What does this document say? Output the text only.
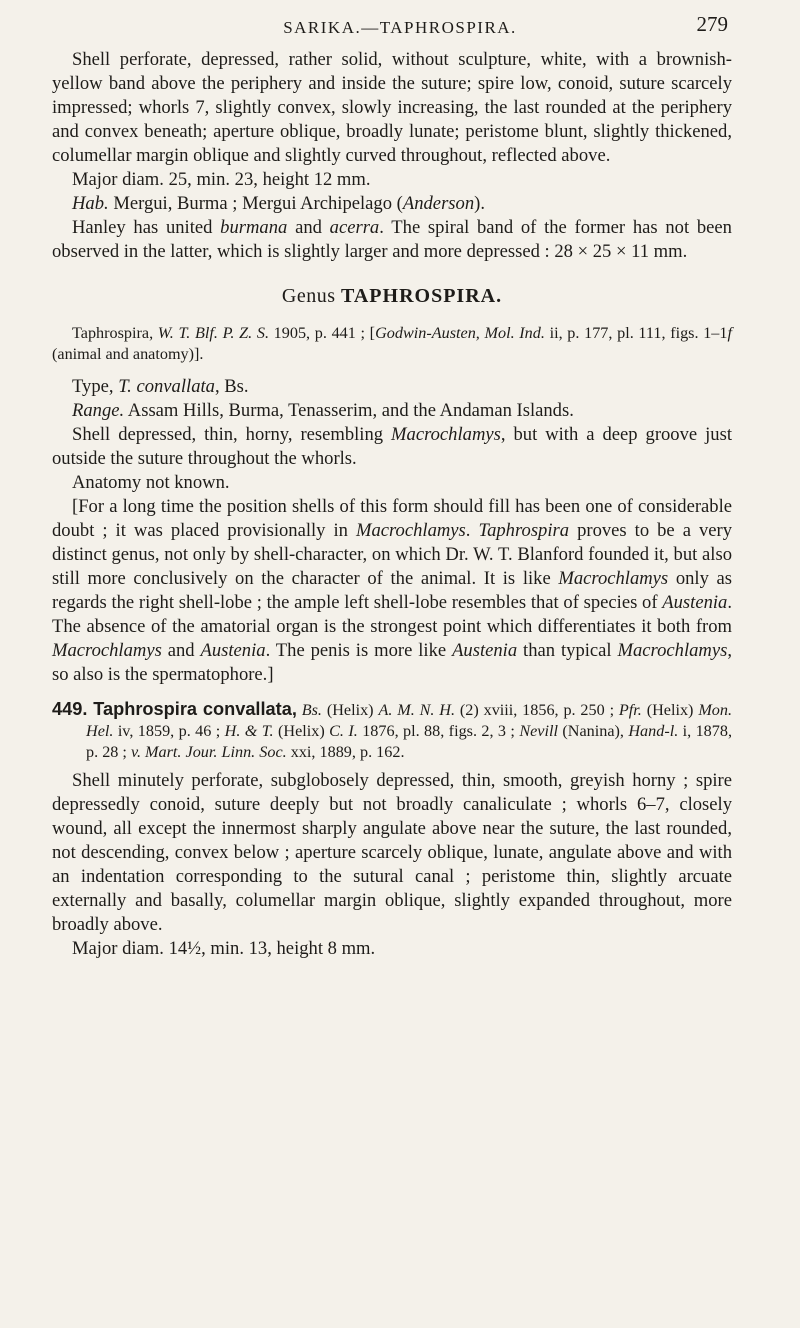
SARIKA.—TAPHROSPIRA.	279

Shell perforate, depressed, rather solid, without sculpture, white, with a brownish-yellow band above the periphery and inside the suture; spire low, conoid, suture scarcely impressed; whorls 7, slightly convex, slowly increasing, the last rounded at the periphery and convex beneath; aperture oblique, broadly lunate; peristome blunt, slightly thickened, columellar margin oblique and slightly curved throughout, reflected above.

Major diam. 25, min. 23, height 12 mm.

Hab. Mergui, Burma ; Mergui Archipelago (Anderson).

Hanley has united burmana and acerra. The spiral band of the former has not been observed in the latter, which is slightly larger and more depressed : 28 × 25 × 11 mm.

Genus TAPHROSPIRA.

Taphrospira, W. T. Blf. P. Z. S. 1905, p. 441 ; [Godwin-Austen, Mol. Ind. ii, p. 177, pl. 111, figs. 1–1f (animal and anatomy)].

Type, T. convallata, Bs.

Range. Assam Hills, Burma, Tenasserim, and the Andaman Islands.

Shell depressed, thin, horny, resembling Macrochlamys, but with a deep groove just outside the suture throughout the whorls.

Anatomy not known.

[For a long time the position shells of this form should fill has been one of considerable doubt ; it was placed provisionally in Macrochlamys. Taphrospira proves to be a very distinct genus, not only by shell-character, on which Dr. W. T. Blanford founded it, but also still more conclusively on the character of the animal. It is like Macrochlamys only as regards the right shell-lobe ; the ample left shell-lobe resembles that of species of Austenia. The absence of the amatorial organ is the strongest point which differentiates it both from Macrochlamys and Austenia. The penis is more like Austenia than typical Macrochlamys, so also is the spermatophore.]

449. Taphrospira convallata, Bs. (Helix) A. M. N. H. (2) xviii, 1856, p. 250 ; Pfr. (Helix) Mon. Hel. iv, 1859, p. 46 ; H. & T. (Helix) C. I. 1876, pl. 88, figs. 2, 3 ; Nevill (Nanina), Hand-l. i, 1878, p. 28 ; v. Mart. Jour. Linn. Soc. xxi, 1889, p. 162.

Shell minutely perforate, subglobosely depressed, thin, smooth, greyish horny ; spire depressedly conoid, suture deeply but not broadly canaliculate ; whorls 6–7, closely wound, all except the innermost sharply angulate above near the suture, the last rounded, not descending, convex below ; aperture scarcely oblique, lunate, angulate above and with an indentation corresponding to the sutural canal ; peristome thin, slightly arcuate externally and basally, columellar margin oblique, slightly expanded throughout, more broadly above.

Major diam. 14½, min. 13, height 8 mm.
